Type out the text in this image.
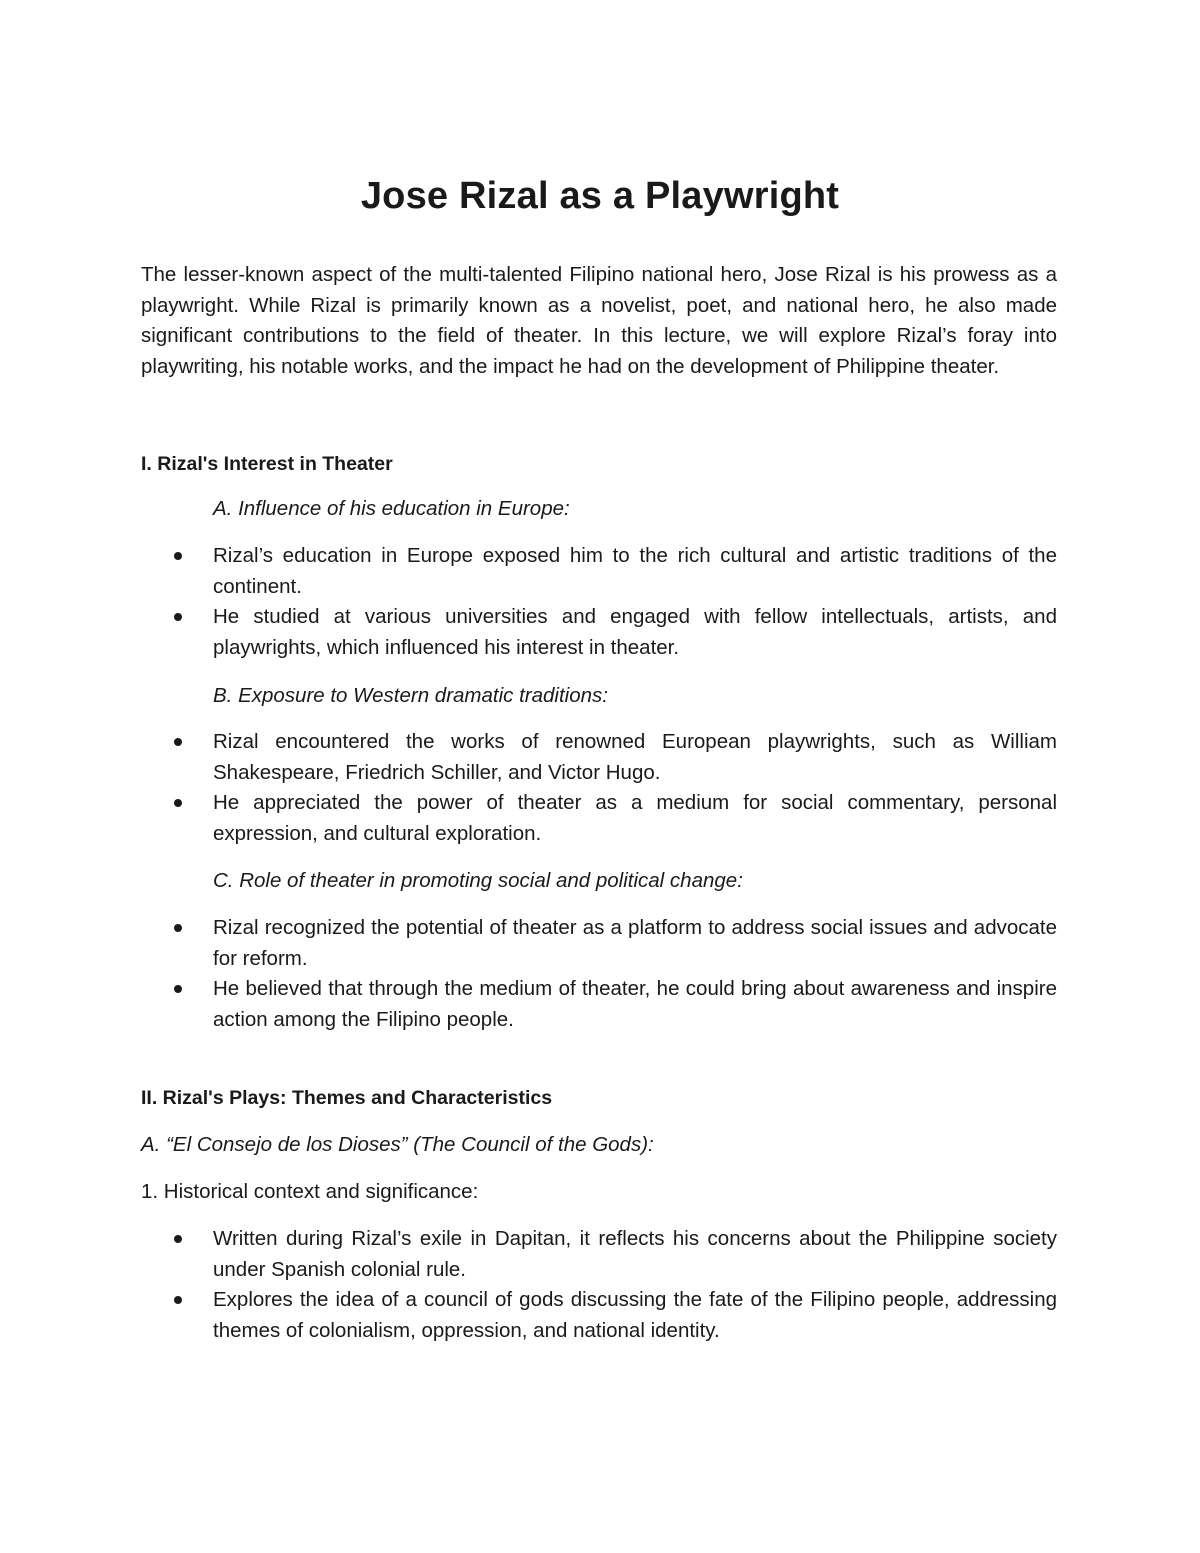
Jose Rizal as a Playwright

The lesser-known aspect of the multi-talented Filipino national hero, Jose Rizal is his prowess as a playwright. While Rizal is primarily known as a novelist, poet, and national hero, he also made significant contributions to the field of theater. In this lecture, we will explore Rizal’s foray into playwriting, his notable works, and the impact he had on the development of Philippine theater.

I. Rizal's Interest in Theater

A. Influence of his education in Europe:

Rizal’s education in Europe exposed him to the rich cultural and artistic traditions of the continent.
He studied at various universities and engaged with fellow intellectuals, artists, and playwrights, which influenced his interest in theater.

B. Exposure to Western dramatic traditions:

Rizal encountered the works of renowned European playwrights, such as William Shakespeare, Friedrich Schiller, and Victor Hugo.
He appreciated the power of theater as a medium for social commentary, personal expression, and cultural exploration.

C. Role of theater in promoting social and political change:

Rizal recognized the potential of theater as a platform to address social issues and advocate for reform.
He believed that through the medium of theater, he could bring about awareness and inspire action among the Filipino people.
II. Rizal's Plays: Themes and Characteristics

A. “El Consejo de los Dioses” (The Council of the Gods):

1. Historical context and significance:

Written during Rizal’s exile in Dapitan, it reflects his concerns about the Philippine society under Spanish colonial rule.
Explores the idea of a council of gods discussing the fate of the Filipino people, addressing themes of colonialism, oppression, and national identity.
